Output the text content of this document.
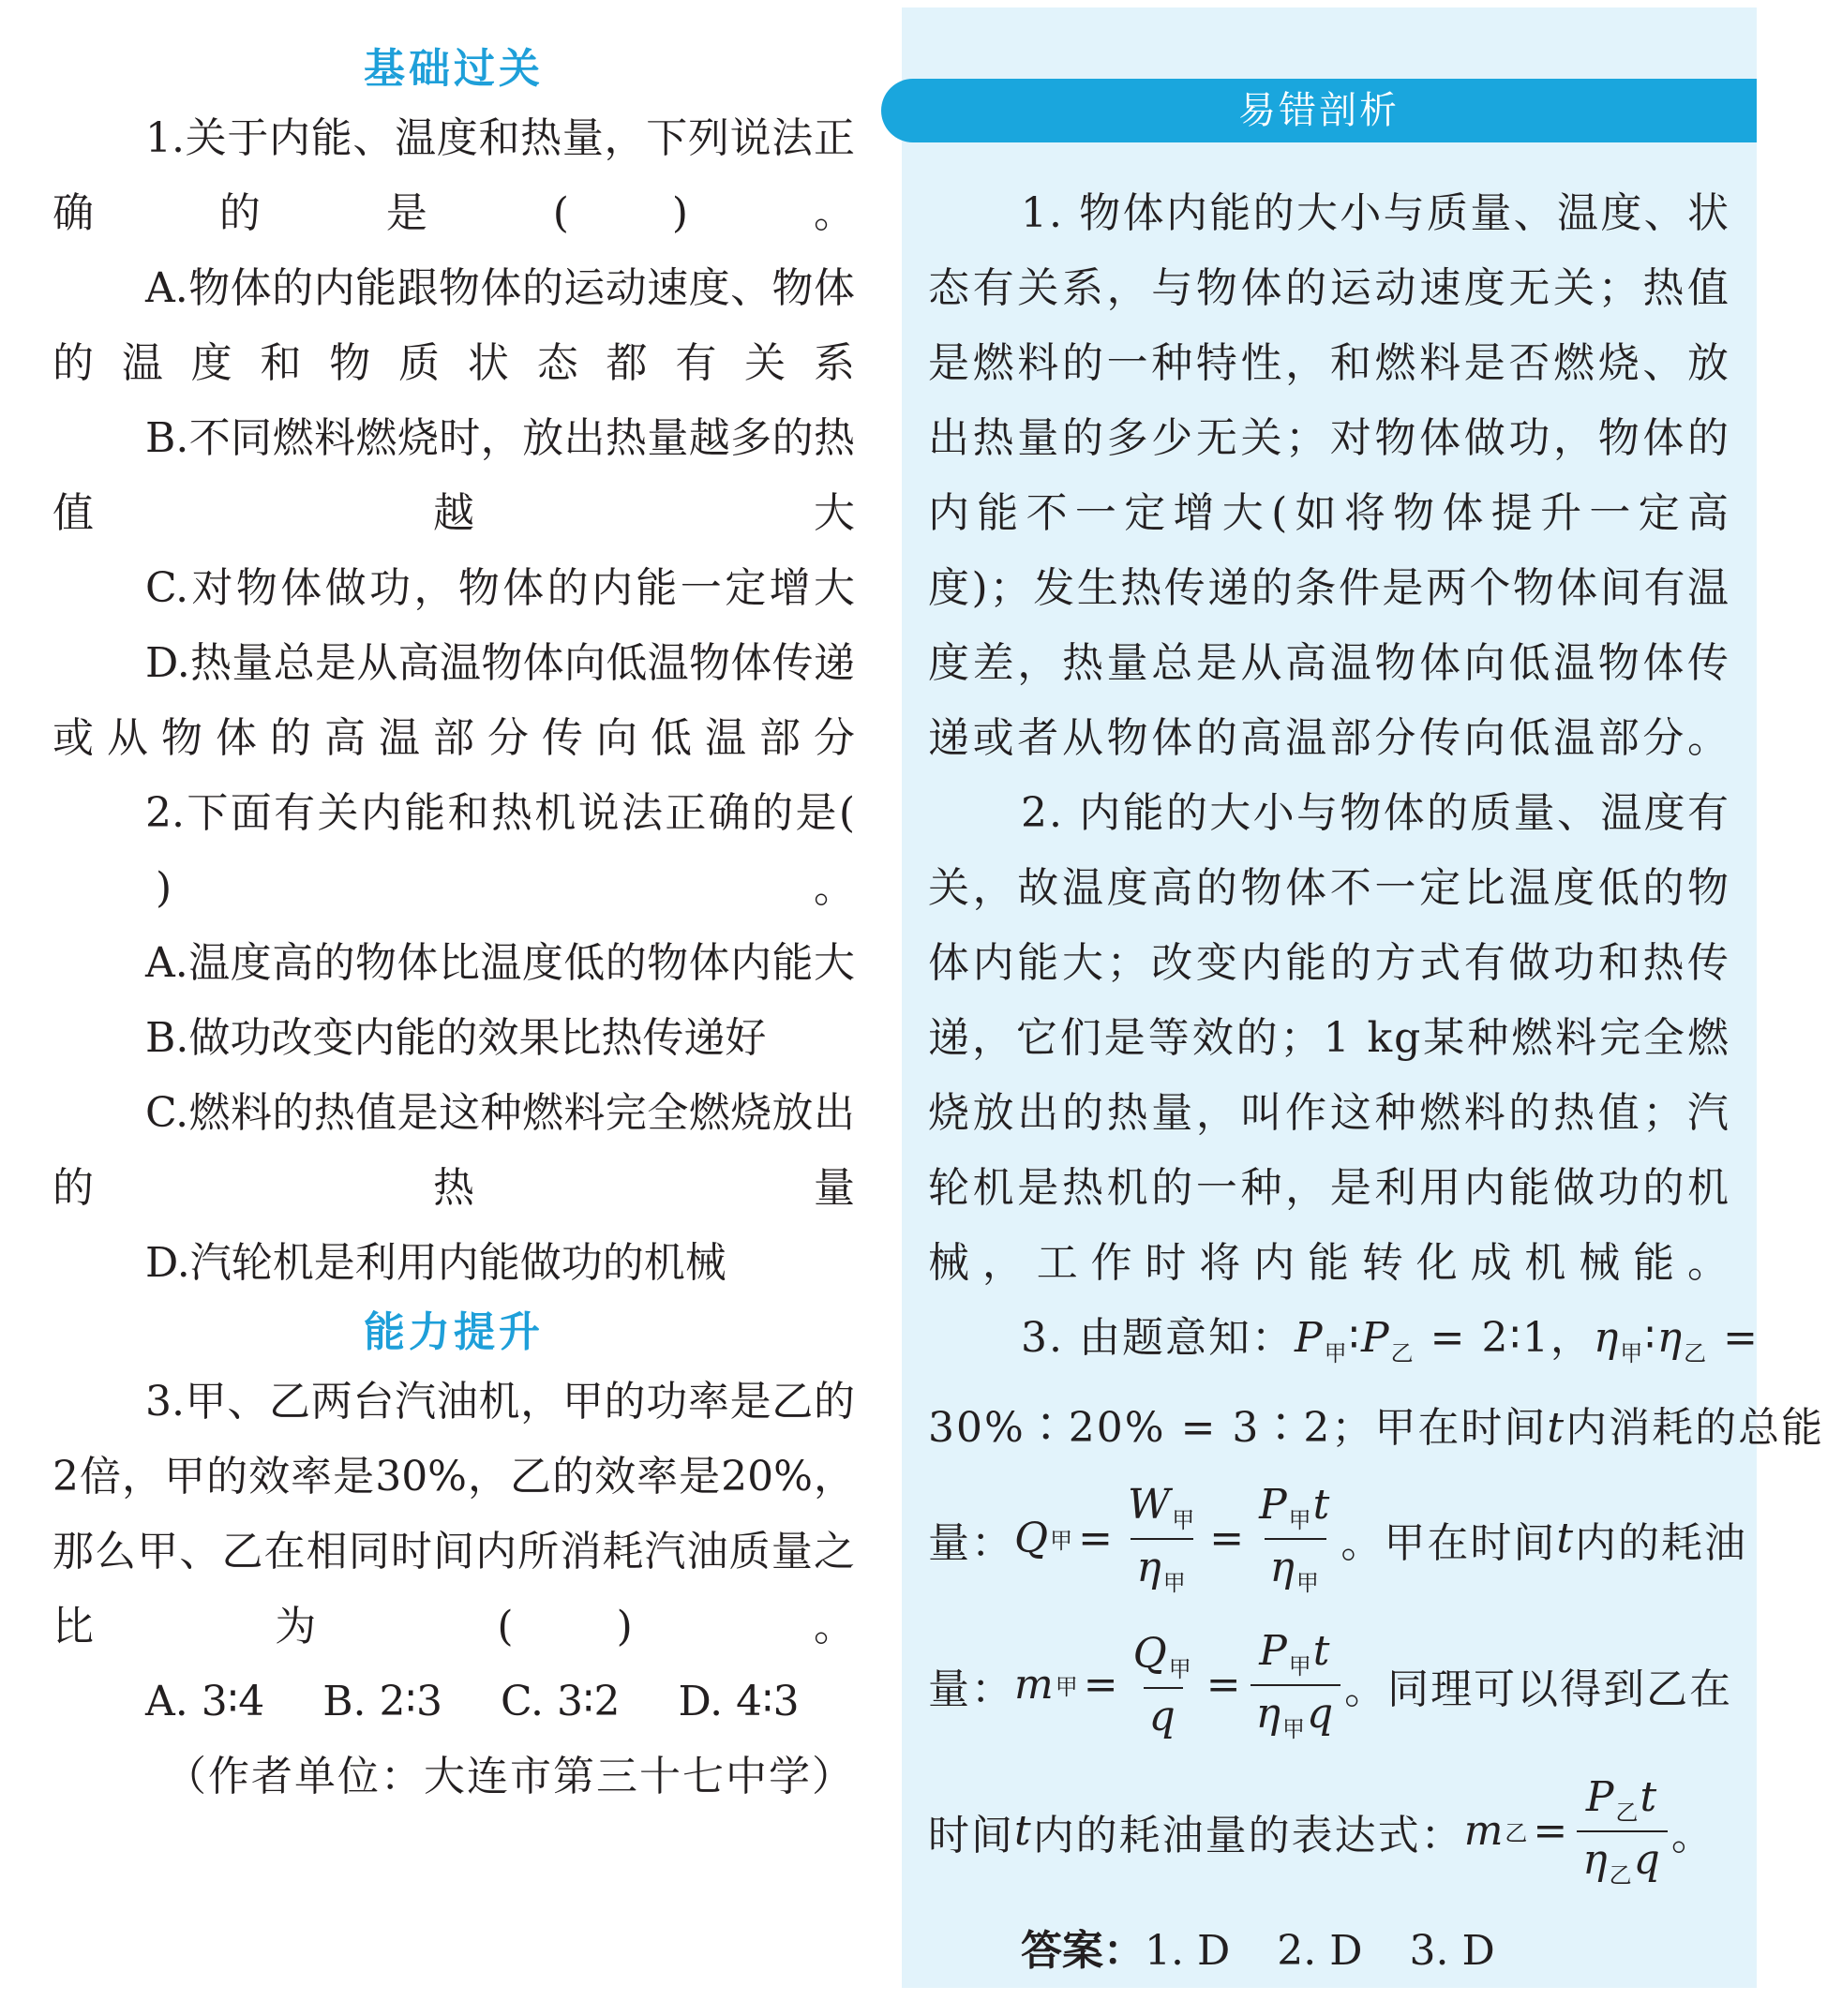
基础过关
1.关于内能、温度和热量，下列说法正确的是(	)。
A.物体的内能跟物体的运动速度、物体的温度和物质状态都有关系
B.不同燃料燃烧时，放出热量越多的热值越大
C.对物体做功，物体的内能一定增大
D.热量总是从高温物体向低温物体传递或从物体的高温部分传向低温部分
2.下面有关内能和热机说法正确的是()。
A.温度高的物体比温度低的物体内能大
B.做功改变内能的效果比热传递好
C.燃料的热值是这种燃料完全燃烧放出的热量
D.汽轮机是利用内能做功的机械
能力提升
3.甲、乙两台汽油机，甲的功率是乙的2倍，甲的效率是30%，乙的效率是20%，那么甲、乙在相同时间内所消耗汽油质量之比为(	)。
A. 3∶4 B. 2∶3 C. 3∶2 D. 4∶3
（作者单位：大连市第三十七中学）
易错剖析
1. 物体内能的大小与质量、温度、状态有关系，与物体的运动速度无关；热值是燃料的一种特性，和燃料是否燃烧、放出热量的多少无关；对物体做功，物体的内能不一定增大(如将物体提升一定高度)；发生热传递的条件是两个物体间有温度差，热量总是从高温物体向低温物体传递或者从物体的高温部分传向低温部分。
2. 内能的大小与物体的质量、温度有关，故温度高的物体不一定比温度低的物体内能大；改变内能的方式有做功和热传递，它们是等效的；1 kg某种燃料完全燃烧放出的热量，叫作这种燃料的热值；汽轮机是热机的一种，是利用内能做功的机械，工作时将内能转化成机械能。
3. 由题意知：$P_甲∶P_乙$ = 2∶1，$\eta_甲∶\eta_乙$ =
30%∶20% = 3∶2；甲在时间t内消耗的总能
量： Q 甲 = $\frac{W_甲}{\eta_甲} = \frac{P_甲t}{\eta_甲}$ 。甲在时间 t 内的耗油
量： m 甲 = $\frac{Q_甲}{q} = \frac{P_甲t}{\eta_甲q}$ 。同理可以得到乙在
时间 t 内的耗油量的表达式： m 乙 = $\frac{P_乙t}{\eta_乙q}$ 。
答案：1. D 2. D 3. D
